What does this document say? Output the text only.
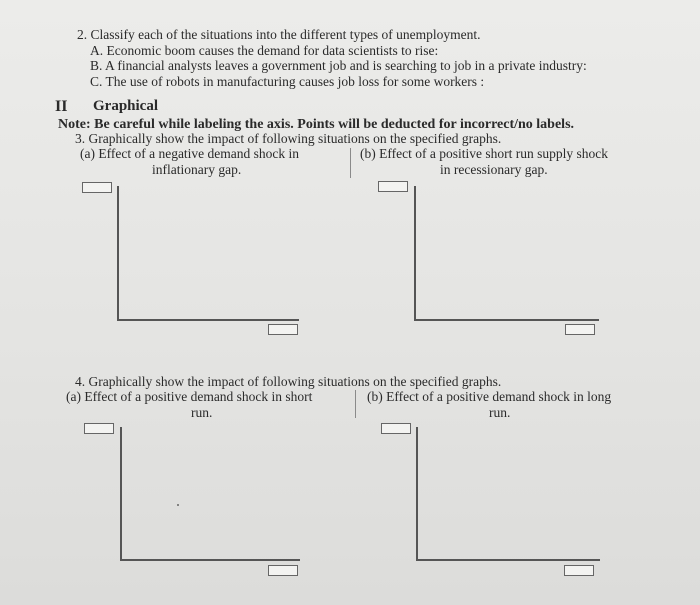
2. Classify each of the situations into the different types of unemployment.
A. Economic boom causes the demand for data scientists to rise:
B. A financial analysts leaves a government job and is searching to job in a private industry:
C. The use of robots in manufacturing causes job loss for some workers :
II Graphical
Note: Be careful while labeling the axis. Points will be deducted for incorrect/no labels.
3. Graphically show the impact of following situations on the specified graphs.
(a) Effect of a negative demand shock in
inflationary gap.
(b) Effect of a positive short run supply shock
in recessionary gap.
4. Graphically show the impact of following situations on the specified graphs.
(a) Effect of a positive demand shock in short
run.
(b) Effect of a positive demand shock in long
run.
